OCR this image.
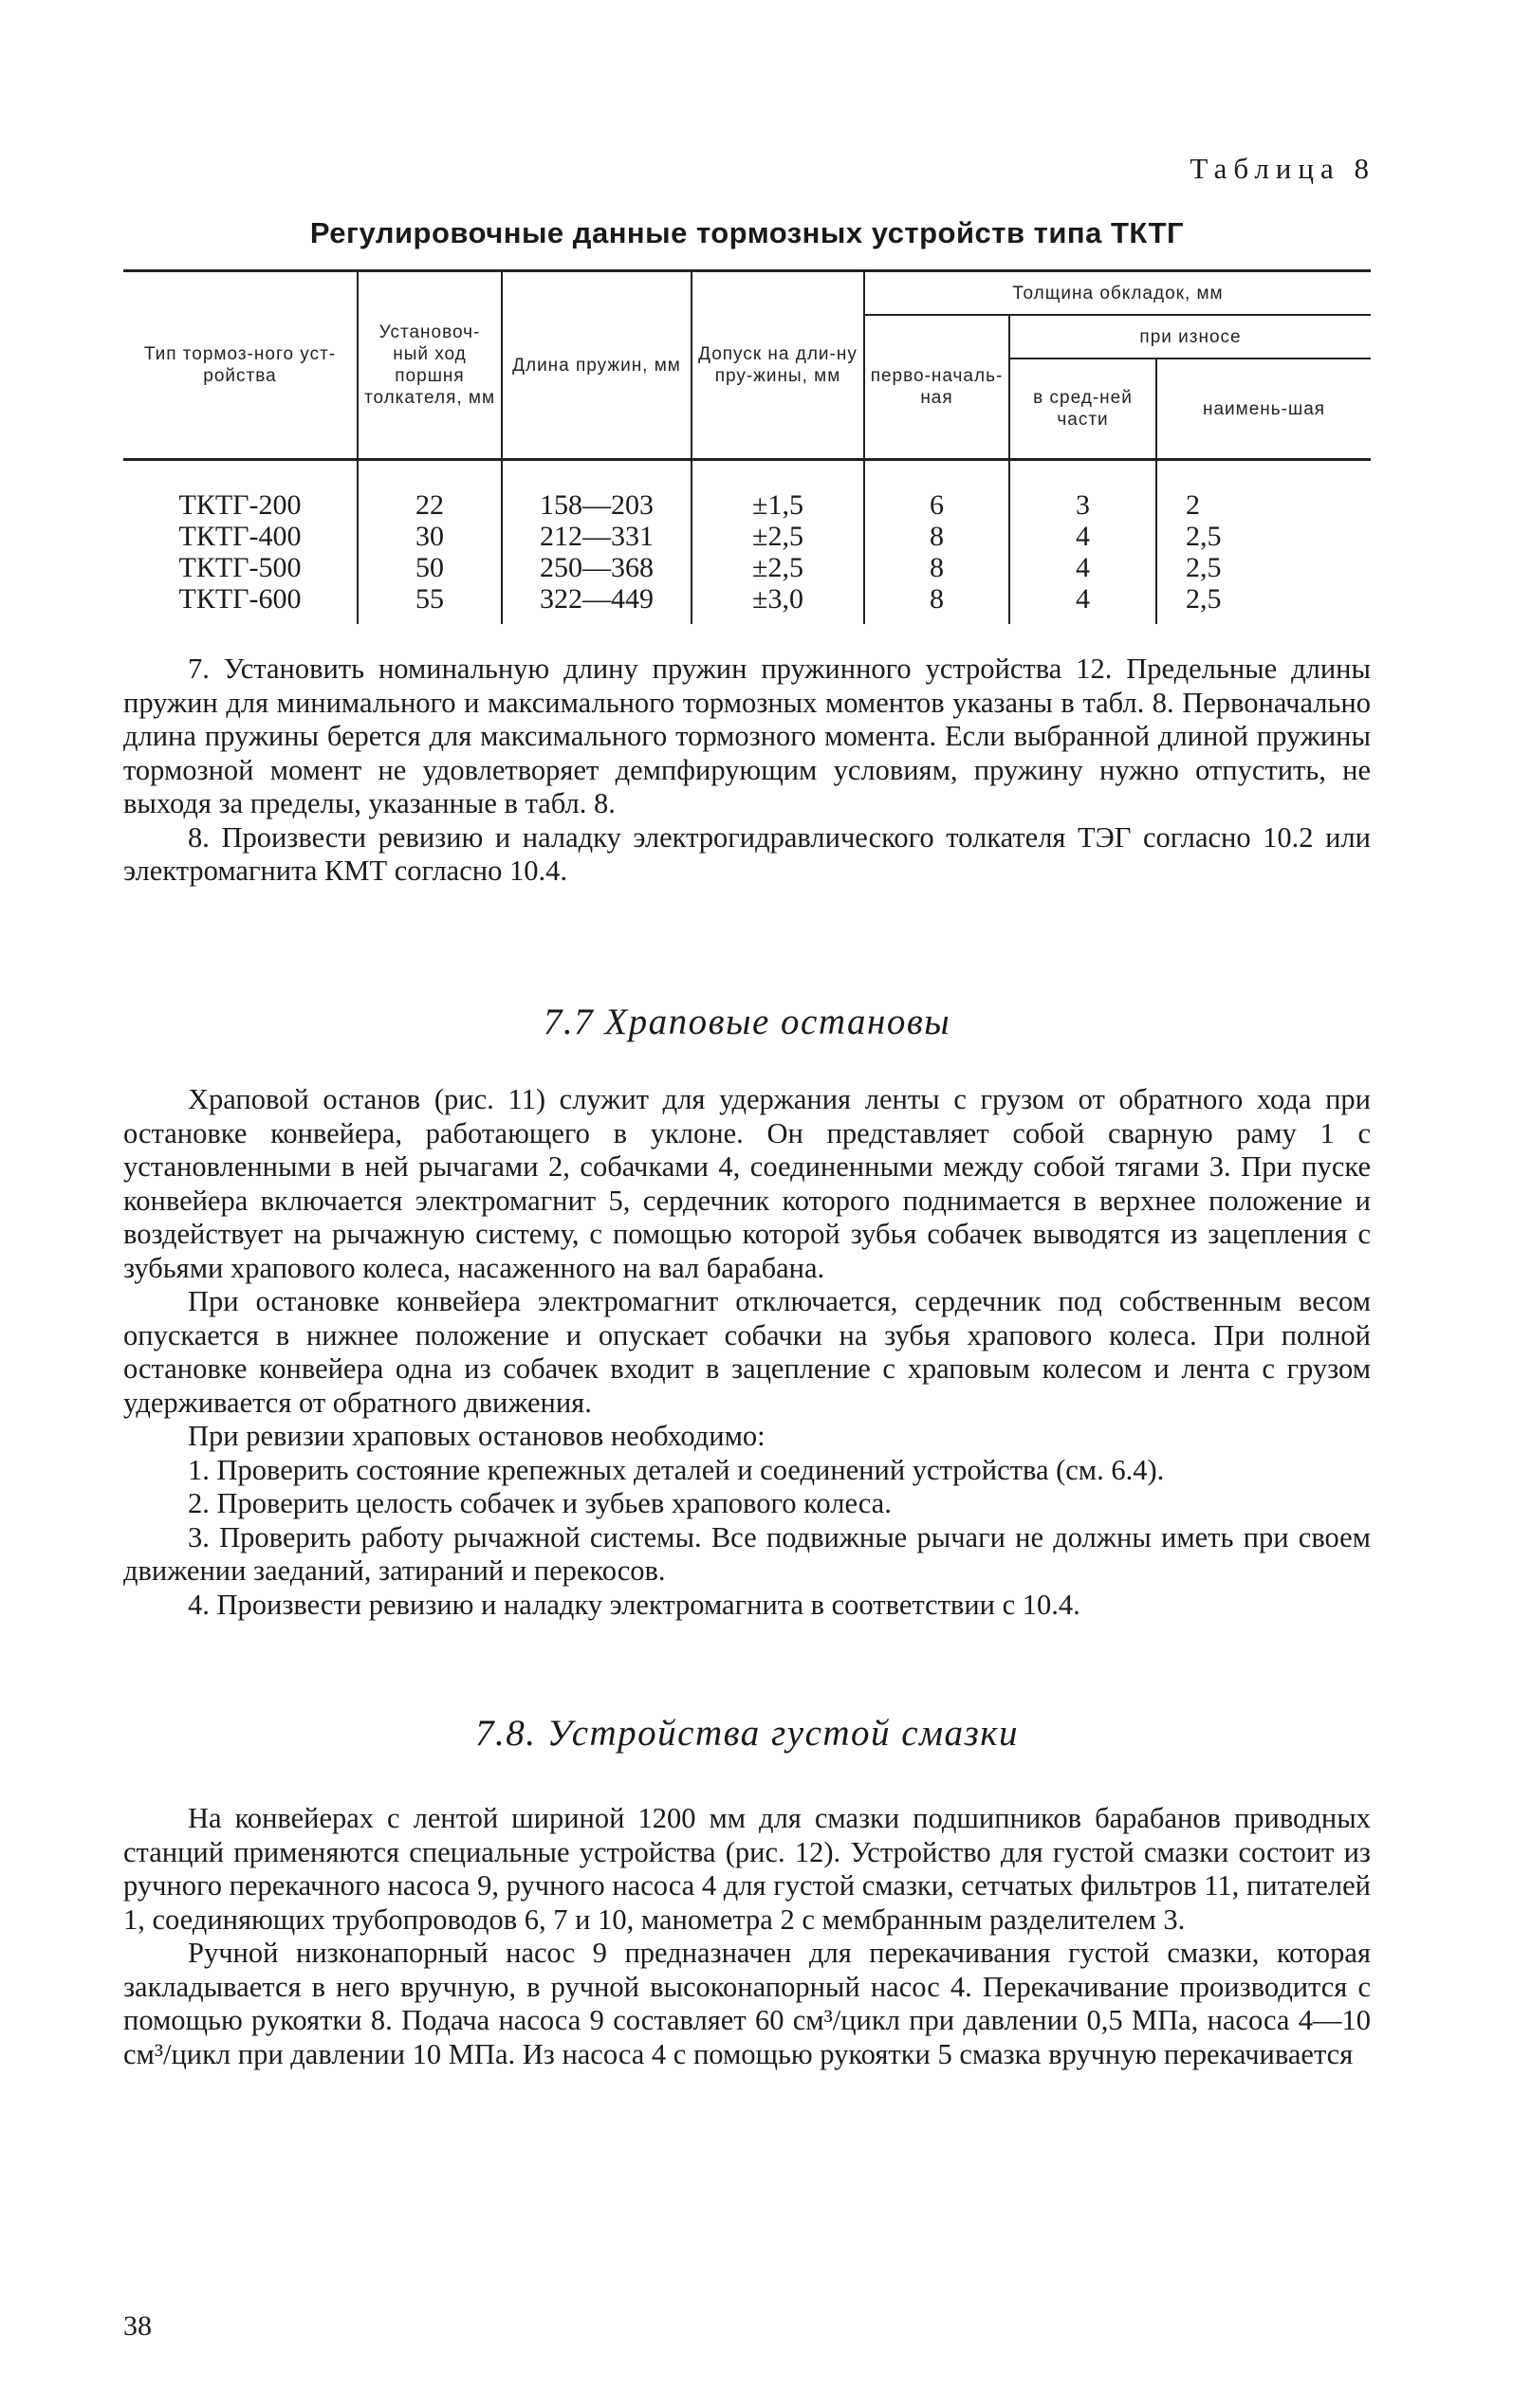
Таблица 8
Регулировочные данные тормозных устройств типа ТКТГ
Тип тормоз-ного уст-ройства	Установоч-ный ход поршня толкателя, мм	Длина пружин, мм	Допуск на дли-ну пру-жины, мм	Толщина обкладок, мм		
				перво-началь-ная	при износе	
					в сред-ней части	наимень-шая
ТКТГ-200	22	158—203	±1,5	6	3	2
ТКТГ-400	30	212—331	±2,5	8	4	2,5
ТКТГ-500	50	250—368	±2,5	8	4	2,5
ТКТГ-600	55	322—449	±3,0	8	4	2,5

7. Установить номинальную длину пружин пружинного устройства 12. Предельные длины пружин для минимального и максимального тормозных моментов указаны в табл. 8. Первоначально длина пружины берется для максимального тормозного момента. Если выбранной длиной пружины тормозной момент не удовлетворяет демпфирующим условиям, пружину нужно отпустить, не выходя за пределы, указанные в табл. 8.

8. Произвести ревизию и наладку электрогидравлического толкателя ТЭГ согласно 10.2 или электромагнита КМТ согласно 10.4.

7.7 Храповые остановы

Храповой останов (рис. 11) служит для удержания ленты с грузом от обратного хода при остановке конвейера, работающего в уклоне. Он представляет собой сварную раму 1 с установленными в ней рычагами 2, собачками 4, соединенными между собой тягами 3. При пуске конвейера включается электромагнит 5, сердечник которого поднимается в верхнее положение и воздействует на рычажную систему, с помощью которой зубья собачек выводятся из зацепления с зубьями храпового колеса, насаженного на вал барабана.

При остановке конвейера электромагнит отключается, сердечник под собственным весом опускается в нижнее положение и опускает собачки на зубья храпового колеса. При полной остановке конвейера одна из собачек входит в зацепление с храповым колесом и лента с грузом удерживается от обратного движения.

При ревизии храповых остановов необходимо:

1. Проверить состояние крепежных деталей и соединений устройства (см. 6.4).

2. Проверить целость собачек и зубьев храпового колеса.

3. Проверить работу рычажной системы. Все подвижные рычаги не должны иметь при своем движении заеданий, затираний и перекосов.

4. Произвести ревизию и наладку электромагнита в соответствии с 10.4.

7.8. Устройства густой смазки

На конвейерах с лентой шириной 1200 мм для смазки подшипников барабанов приводных станций применяются специальные устройства (рис. 12). Устройство для густой смазки состоит из ручного перекачного насоса 9, ручного насоса 4 для густой смазки, сетчатых фильтров 11, питателей 1, соединяющих трубопроводов 6, 7 и 10, манометра 2 с мембранным разделителем 3.

Ручной низконапорный насос 9 предназначен для перекачивания густой смазки, которая закладывается в него вручную, в ручной высоконапорный насос 4. Перекачивание производится с помощью рукоятки 8. Подача насоса 9 составляет 60 см³/цикл при давлении 0,5 МПа, насоса 4—10 см³/цикл при давлении 10 МПа. Из насоса 4 с помощью рукоятки 5 смазка вручную перекачивается

38
